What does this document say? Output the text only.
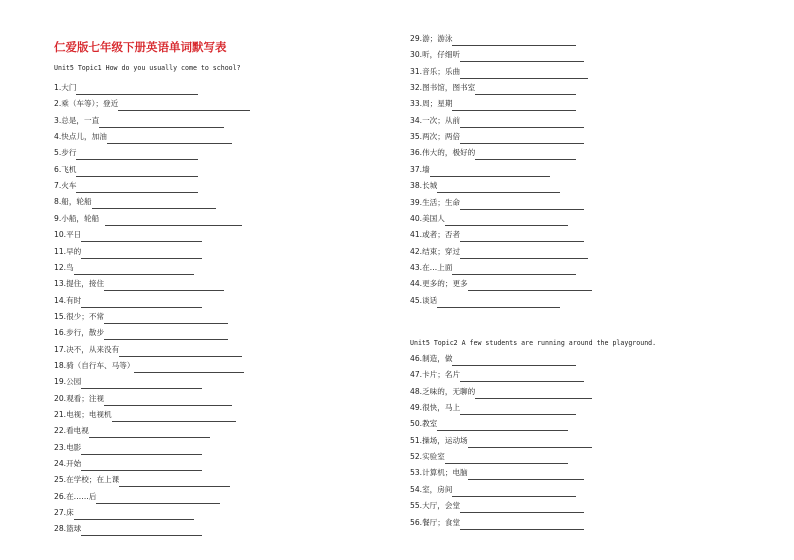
仁爱版七年级下册英语单词默写表
Unit5 Topic1 How do you usually come to school?
1.大门
2.乘（车等）；登近
3.总是，一直
4.快点儿，加油
5.步行
6.飞机
7.火车
8.船，轮船
9.小船，轮船
10.平日
11.早的
12.鸟
13.提住，接住
14.有时
15.很少；不常
16.步行，散步
17.决不，从来没有
18.骑（自行车、马等）
19.公园
20.观看；注视
21.电视；电视机
22.看电视
23.电影
24.开始
25.在学校；在上课
26.在……后
27.床
28.篮球
29.游；游泳
30.听，仔细听
31.音乐；乐曲
32.图书馆，图书室
33.周；星期
34.一次；从前
35.两次；两倍
36.伟大的，极好的
37.墙
38.长城
39.生活；生命
40.美国人
41.或者；否者
42.结束；穿过
43.在…上面
44.更多的；更多
45.谈话
Unit5 Topic2 A few students are running around the playground.
46.制造，做
47.卡片；名片
48.乏味的，无聊的
49.很快，马上
50.教室
51.操场，运动场
52.实验室
53.计算机；电脑
54.室，房间
55.大厅，会堂
56.餐厅；食堂
